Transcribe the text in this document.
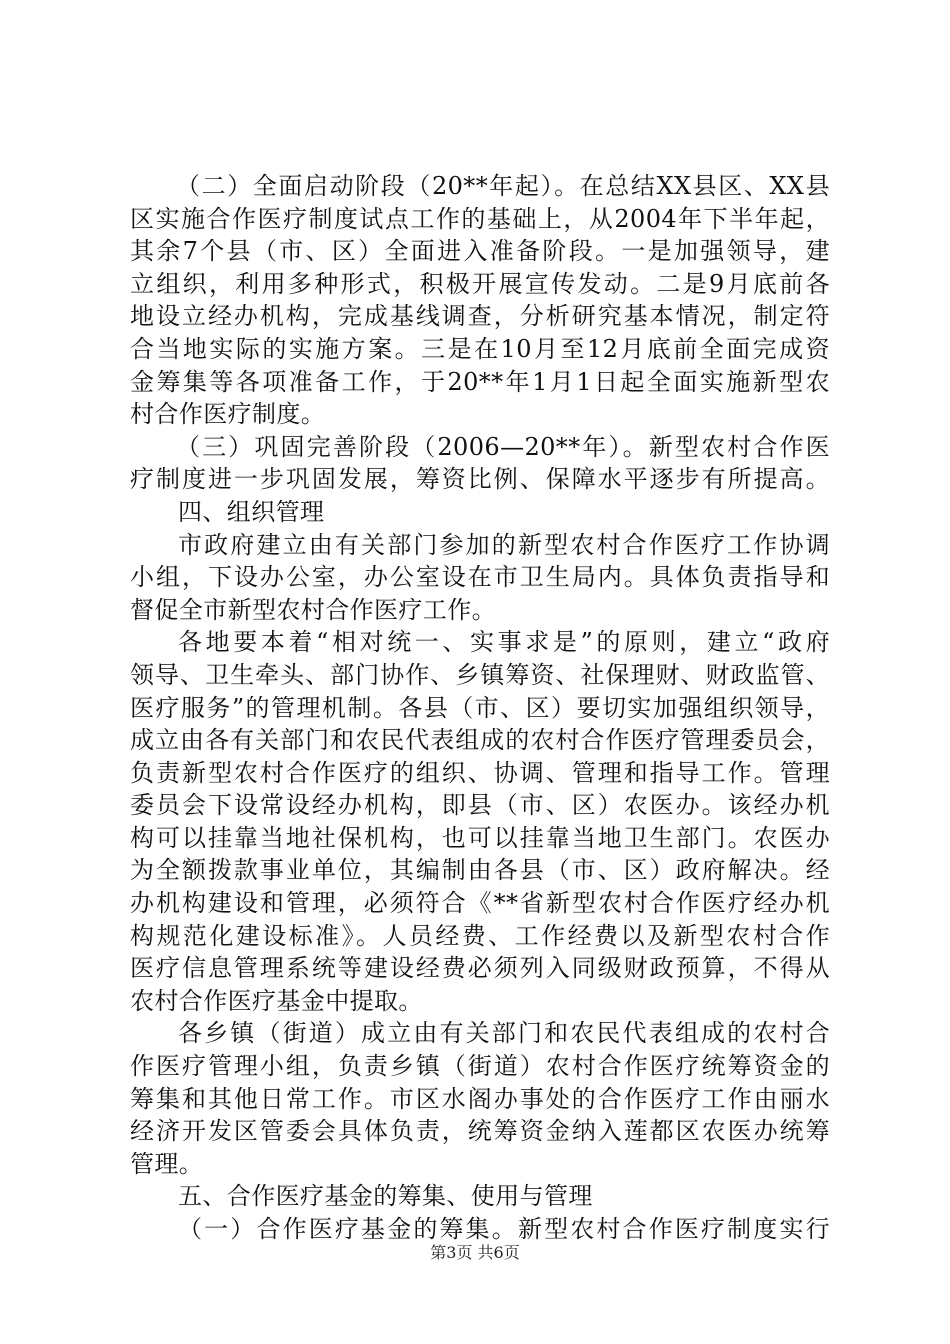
（二）全面启动阶段（20**年起）。在总结XX县区、XX县
区实施合作医疗制度试点工作的基础上，从2004年下半年起，
其余7个县（市、区）全面进入准备阶段。一是加强领导，建
立组织，利用多种形式，积极开展宣传发动。二是9月底前各
地设立经办机构，完成基线调查，分析研究基本情况，制定符
合当地实际的实施方案。三是在10月至12月底前全面完成资
金筹集等各项准备工作，于20**年1月1日起全面实施新型农
村合作医疗制度。
（三）巩固完善阶段（2006—20**年）。新型农村合作医
疗制度进一步巩固发展，筹资比例、保障水平逐步有所提高。
四、组织管理
市政府建立由有关部门参加的新型农村合作医疗工作协调
小组，下设办公室，办公室设在市卫生局内。具体负责指导和
督促全市新型农村合作医疗工作。
各地要本着“相对统一、实事求是”的原则，建立“政府
领导、卫生牵头、部门协作、乡镇筹资、社保理财、财政监管、
医疗服务”的管理机制。各县（市、区）要切实加强组织领导，
成立由各有关部门和农民代表组成的农村合作医疗管理委员会，
负责新型农村合作医疗的组织、协调、管理和指导工作。管理
委员会下设常设经办机构，即县（市、区）农医办。该经办机
构可以挂靠当地社保机构，也可以挂靠当地卫生部门。农医办
为全额拨款事业单位，其编制由各县（市、区）政府解决。经
办机构建设和管理，必须符合《**省新型农村合作医疗经办机
构规范化建设标准》。人员经费、工作经费以及新型农村合作
医疗信息管理系统等建设经费必须列入同级财政预算，不得从
农村合作医疗基金中提取。
各乡镇（街道）成立由有关部门和农民代表组成的农村合
作医疗管理小组，负责乡镇（街道）农村合作医疗统筹资金的
筹集和其他日常工作。市区水阁办事处的合作医疗工作由丽水
经济开发区管委会具体负责，统筹资金纳入莲都区农医办统筹
管理。
五、合作医疗基金的筹集、使用与管理
（一）合作医疗基金的筹集。新型农村合作医疗制度实行
第3页 共6页
